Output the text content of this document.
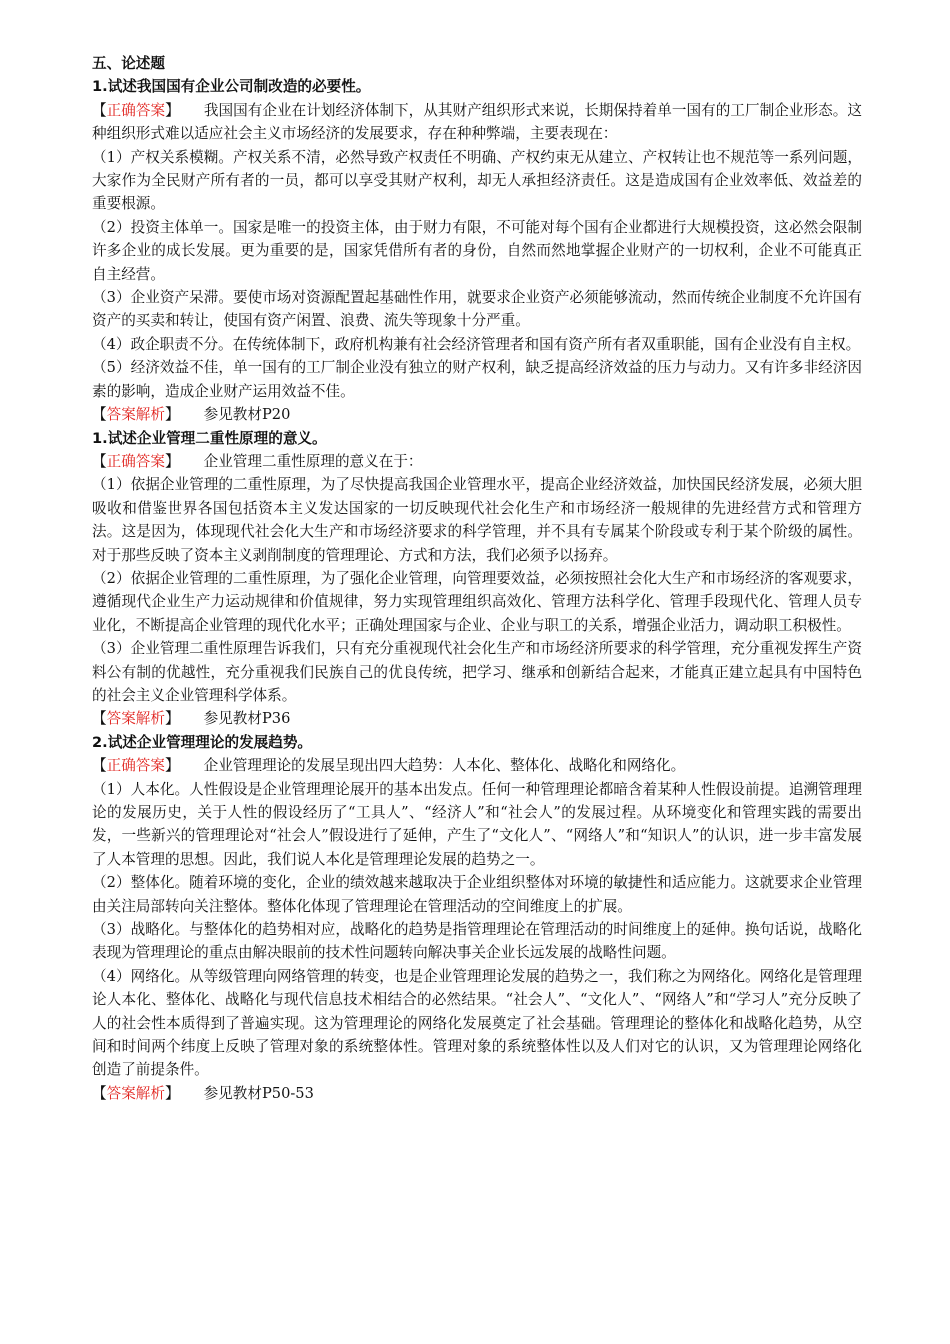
五、论述题

1.试述我国国有企业公司制改造的必要性。

【正确答案】 我国国有企业在计划经济体制下，从其财产组织形式来说，长期保持着单一国有的工厂制企业形态。这种组织形式难以适应社会主义市场经济的发展要求，存在种种弊端，主要表现在：

（1）产权关系模糊。产权关系不清，必然导致产权责任不明确、产权约束无从建立、产权转让也不规范等一系列问题，大家作为全民财产所有者的一员，都可以享受其财产权利，却无人承担经济责任。这是造成国有企业效率低、效益差的重要根源。

（2）投资主体单一。国家是唯一的投资主体，由于财力有限，不可能对每个国有企业都进行大规模投资，这必然会限制许多企业的成长发展。更为重要的是，国家凭借所有者的身份，自然而然地掌握企业财产的一切权利，企业不可能真正自主经营。

（3）企业资产呆滞。要使市场对资源配置起基础性作用，就要求企业资产必须能够流动，然而传统企业制度不允许国有资产的买卖和转让，使国有资产闲置、浪费、流失等现象十分严重。

（4）政企职责不分。在传统体制下，政府机构兼有社会经济管理者和国有资产所有者双重职能，国有企业没有自主权。

（5）经济效益不佳，单一国有的工厂制企业没有独立的财产权利，缺乏提高经济效益的压力与动力。又有许多非经济因素的影响，造成企业财产运用效益不佳。

【答案解析】 参见教材P20

1.试述企业管理二重性原理的意义。

【正确答案】 企业管理二重性原理的意义在于：

（1）依据企业管理的二重性原理，为了尽快提高我国企业管理水平，提高企业经济效益，加快国民经济发展，必须大胆吸收和借鉴世界各国包括资本主义发达国家的一切反映现代社会化生产和市场经济一般规律的先进经营方式和管理方法。这是因为，体现现代社会化大生产和市场经济要求的科学管理，并不具有专属某个阶段或专利于某个阶级的属性。对于那些反映了资本主义剥削制度的管理理论、方式和方法，我们必须予以扬弃。

（2）依据企业管理的二重性原理，为了强化企业管理，向管理要效益，必须按照社会化大生产和市场经济的客观要求，遵循现代企业生产力运动规律和价值规律，努力实现管理组织高效化、管理方法科学化、管理手段现代化、管理人员专业化，不断提高企业管理的现代化水平；正确处理国家与企业、企业与职工的关系，增强企业活力，调动职工积极性。

（3）企业管理二重性原理告诉我们，只有充分重视现代社会化生产和市场经济所要求的科学管理，充分重视发挥生产资料公有制的优越性，充分重视我们民族自己的优良传统，把学习、继承和创新结合起来，才能真正建立起具有中国特色的社会主义企业管理科学体系。

【答案解析】 参见教材P36

2.试述企业管理理论的发展趋势。

【正确答案】 企业管理理论的发展呈现出四大趋势：人本化、整体化、战略化和网络化。

（1）人本化。人性假设是企业管理理论展开的基本出发点。任何一种管理理论都暗含着某种人性假设前提。追溯管理理论的发展历史，关于人性的假设经历了“工具人”、“经济人”和“社会人”的发展过程。从环境变化和管理实践的需要出发，一些新兴的管理理论对“社会人”假设进行了延伸，产生了“文化人”、“网络人”和“知识人”的认识，进一步丰富发展了人本管理的思想。因此，我们说人本化是管理理论发展的趋势之一。

（2）整体化。随着环境的变化，企业的绩效越来越取决于企业组织整体对环境的敏捷性和适应能力。这就要求企业管理由关注局部转向关注整体。整体化体现了管理理论在管理活动的空间维度上的扩展。

（3）战略化。与整体化的趋势相对应，战略化的趋势是指管理理论在管理活动的时间维度上的延伸。换句话说，战略化表现为管理理论的重点由解决眼前的技术性问题转向解决事关企业长远发展的战略性问题。

（4）网络化。从等级管理向网络管理的转变，也是企业管理理论发展的趋势之一，我们称之为网络化。网络化是管理理论人本化、整体化、战略化与现代信息技术相结合的必然结果。“社会人”、“文化人”、“网络人”和“学习人”充分反映了人的社会性本质得到了普遍实现。这为管理理论的网络化发展奠定了社会基础。管理理论的整体化和战略化趋势，从空间和时间两个纬度上反映了管理对象的系统整体性。管理对象的系统整体性以及人们对它的认识，又为管理理论网络化创造了前提条件。

【答案解析】 参见教材P50-53
